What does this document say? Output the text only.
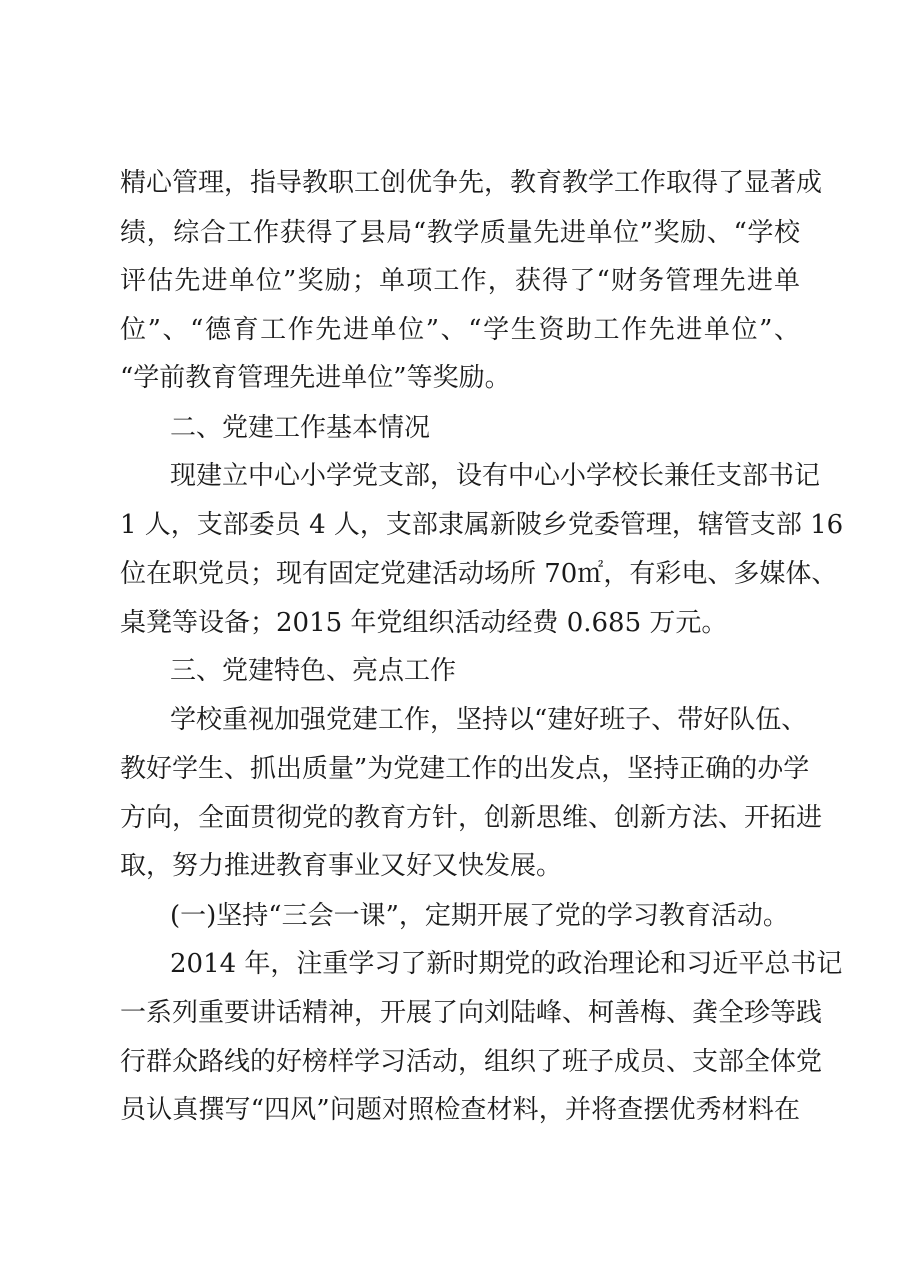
精心管理，指导教职工创优争先，教育教学工作取得了显著成
绩，综合工作获得了县局“教学质量先进单位”奖励、“学校
评估先进单位”奖励；单项工作，获得了“财务管理先进单
位”、“德育工作先进单位”、“学生资助工作先进单位”、
“学前教育管理先进单位”等奖励。
二、党建工作基本情况
现建立中心小学党支部，设有中心小学校长兼任支部书记
1 人，支部委员 4 人，支部隶属新陂乡党委管理，辖管支部 16
位在职党员；现有固定党建活动场所 70㎡，有彩电、多媒体、
桌凳等设备；2015 年党组织活动经费 0.685 万元。
三、党建特色、亮点工作
学校重视加强党建工作，坚持以“建好班子、带好队伍、
教好学生、抓出质量”为党建工作的出发点，坚持正确的办学
方向，全面贯彻党的教育方针，创新思维、创新方法、开拓进
取，努力推进教育事业又好又快发展。
(一)坚持“三会一课”，定期开展了党的学习教育活动。
2014 年，注重学习了新时期党的政治理论和习近平总书记
一系列重要讲话精神，开展了向刘陆峰、柯善梅、龚全珍等践
行群众路线的好榜样学习活动，组织了班子成员、支部全体党
员认真撰写“四风”问题对照检查材料，并将查摆优秀材料在
